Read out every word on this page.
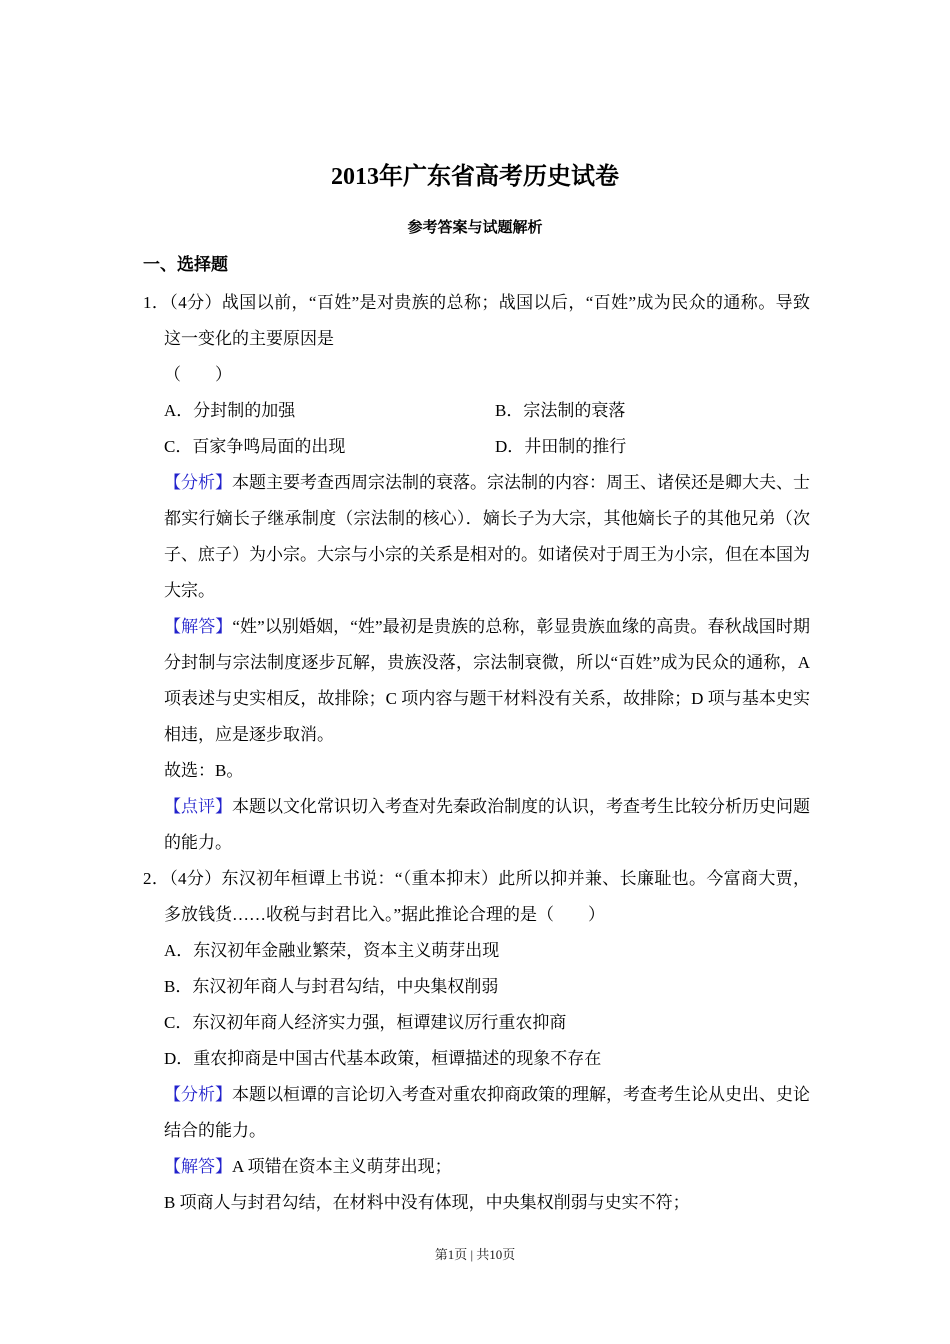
2013年广东省高考历史试卷
参考答案与试题解析
一、选择题

1．（4分）战国以前，“百姓”是对贵族的总称；战国以后，“百姓”成为民众的通称。导致这一变化的主要原因是

（　　）

A．分封制的加强	B．宗法制的衰落
C．百家争鸣局面的出现	D．井田制的推行

【分析】本题主要考查西周宗法制的衰落。宗法制的内容：周王、诸侯还是卿大夫、士都实行嫡长子继承制度（宗法制的核心）．嫡长子为大宗，其他嫡长子的其他兄弟（次子、庶子）为小宗。大宗与小宗的关系是相对的。如诸侯对于周王为小宗，但在本国为大宗。

【解答】“姓”以别婚姻，“姓”最初是贵族的总称，彰显贵族血缘的高贵。春秋战国时期分封制与宗法制度逐步瓦解，贵族没落，宗法制衰微，所以“百姓”成为民众的通称，A 项表述与史实相反，故排除；C 项内容与题干材料没有关系，故排除；D 项与基本史实相违，应是逐步取消。

故选：B。

【点评】本题以文化常识切入考查对先秦政治制度的认识，考查考生比较分析历史问题的能力。

2．（4分）东汉初年桓谭上书说：“（重本抑末）此所以抑并兼、长廉耻也。今富商大贾，多放钱货……收税与封君比入。”据此推论合理的是（　　）

A．东汉初年金融业繁荣，资本主义萌芽出现
B．东汉初年商人与封君勾结，中央集权削弱
C．东汉初年商人经济实力强，桓谭建议厉行重农抑商
D．重农抑商是中国古代基本政策，桓谭描述的现象不存在

【分析】本题以桓谭的言论切入考查对重农抑商政策的理解，考查考生论从史出、史论结合的能力。

【解答】A 项错在资本主义萌芽出现；

B 项商人与封君勾结，在材料中没有体现，中央集权削弱与史实不符；

第1页 | 共10页
